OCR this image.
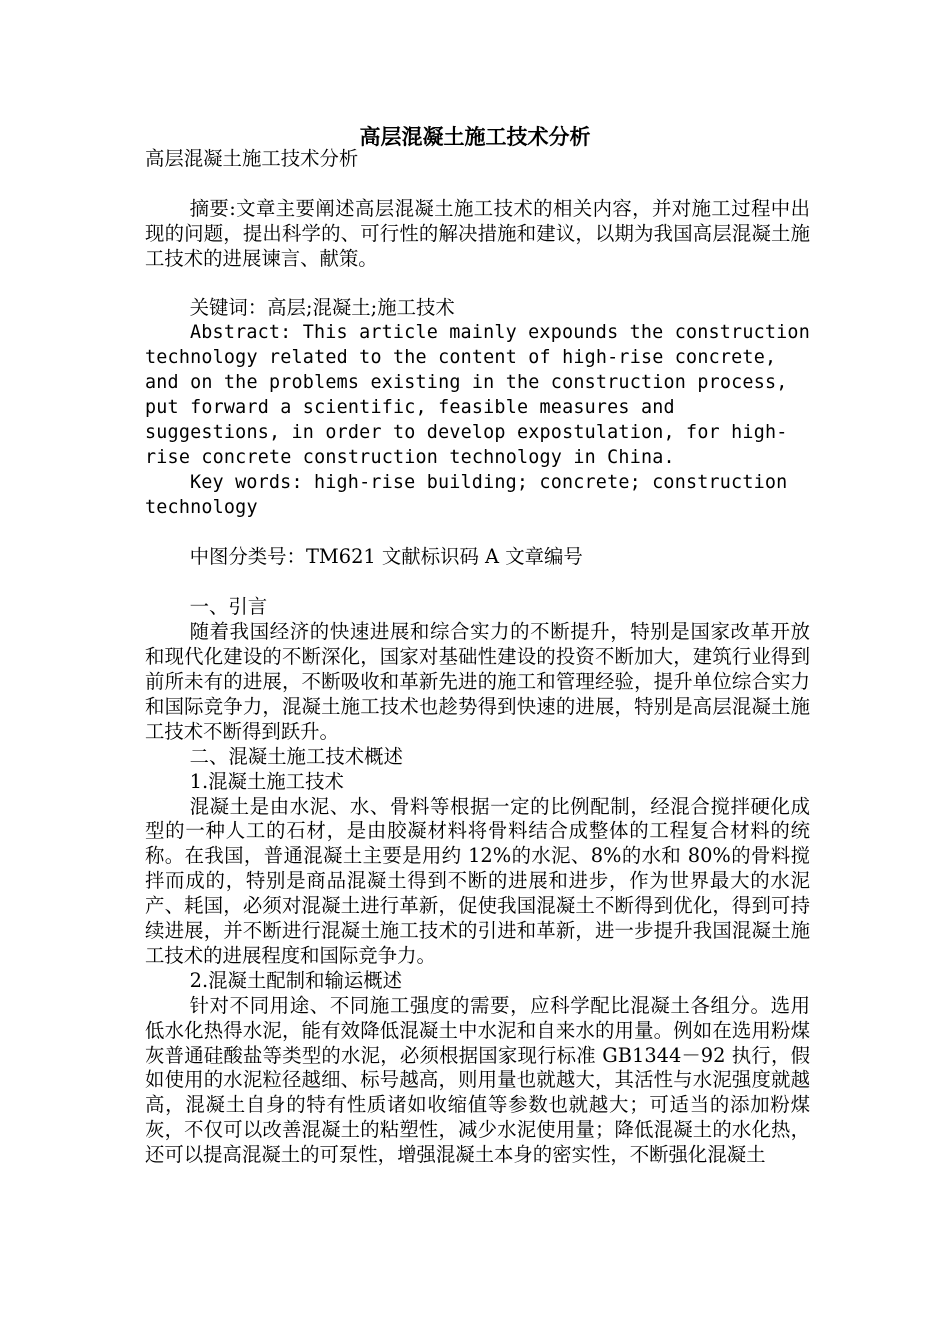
高层混凝土施工技术分析

高层混凝土施工技术分析

摘要:文章主要阐述高层混凝土施工技术的相关内容，并对施工过程中出现的问题，提出科学的、可行性的解决措施和建议，以期为我国高层混凝土施工技术的进展谏言、献策。

关键词：高层;混凝土;施工技术

Abstract: This article mainly expounds the construction

technology related to the content of high-rise concrete,

and on the problems existing in the construction process,

put forward a scientific, feasible measures and

suggestions, in order to develop expostulation, for high-

rise concrete construction technology in China.

Key words: high-rise building; concrete; construction

technology

中图分类号：TM621 文献标识码 A 文章编号

一、引言

随着我国经济的快速进展和综合实力的不断提升，特别是国家改革开放和现代化建设的不断深化，国家对基础性建设的投资不断加大，建筑行业得到前所未有的进展，不断吸收和革新先进的施工和管理经验，提升单位综合实力和国际竞争力，混凝土施工技术也趁势得到快速的进展，特别是高层混凝土施工技术不断得到跃升。

二、混凝土施工技术概述

1.混凝土施工技术

混凝土是由水泥、水、骨料等根据一定的比例配制，经混合搅拌硬化成型的一种人工的石材，是由胶凝材料将骨料结合成整体的工程复合材料的统称。在我国，普通混凝土主要是用约 12%的水泥、8%的水和 80%的骨料搅拌而成的，特别是商品混凝土得到不断的进展和进步，作为世界最大的水泥产、耗国，必须对混凝土进行革新，促使我国混凝土不断得到优化，得到可持续进展，并不断进行混凝土施工技术的引进和革新，进一步提升我国混凝土施工技术的进展程度和国际竞争力。

2.混凝土配制和输运概述

针对不同用途、不同施工强度的需要，应科学配比混凝土各组分。选用低水化热得水泥，能有效降低混凝土中水泥和自来水的用量。例如在选用粉煤灰普通硅酸盐等类型的水泥，必须根据国家现行标准 GB1344－92 执行，假如使用的水泥粒径越细、标号越高，则用量也就越大，其活性与水泥强度就越高，混凝土自身的特有性质诸如收缩值等参数也就越大；可适当的添加粉煤灰，不仅可以改善混凝土的粘塑性，减少水泥使用量；降低混凝土的水化热，还可以提高混凝土的可泵性，增强混凝土本身的密实性，不断强化混凝土
